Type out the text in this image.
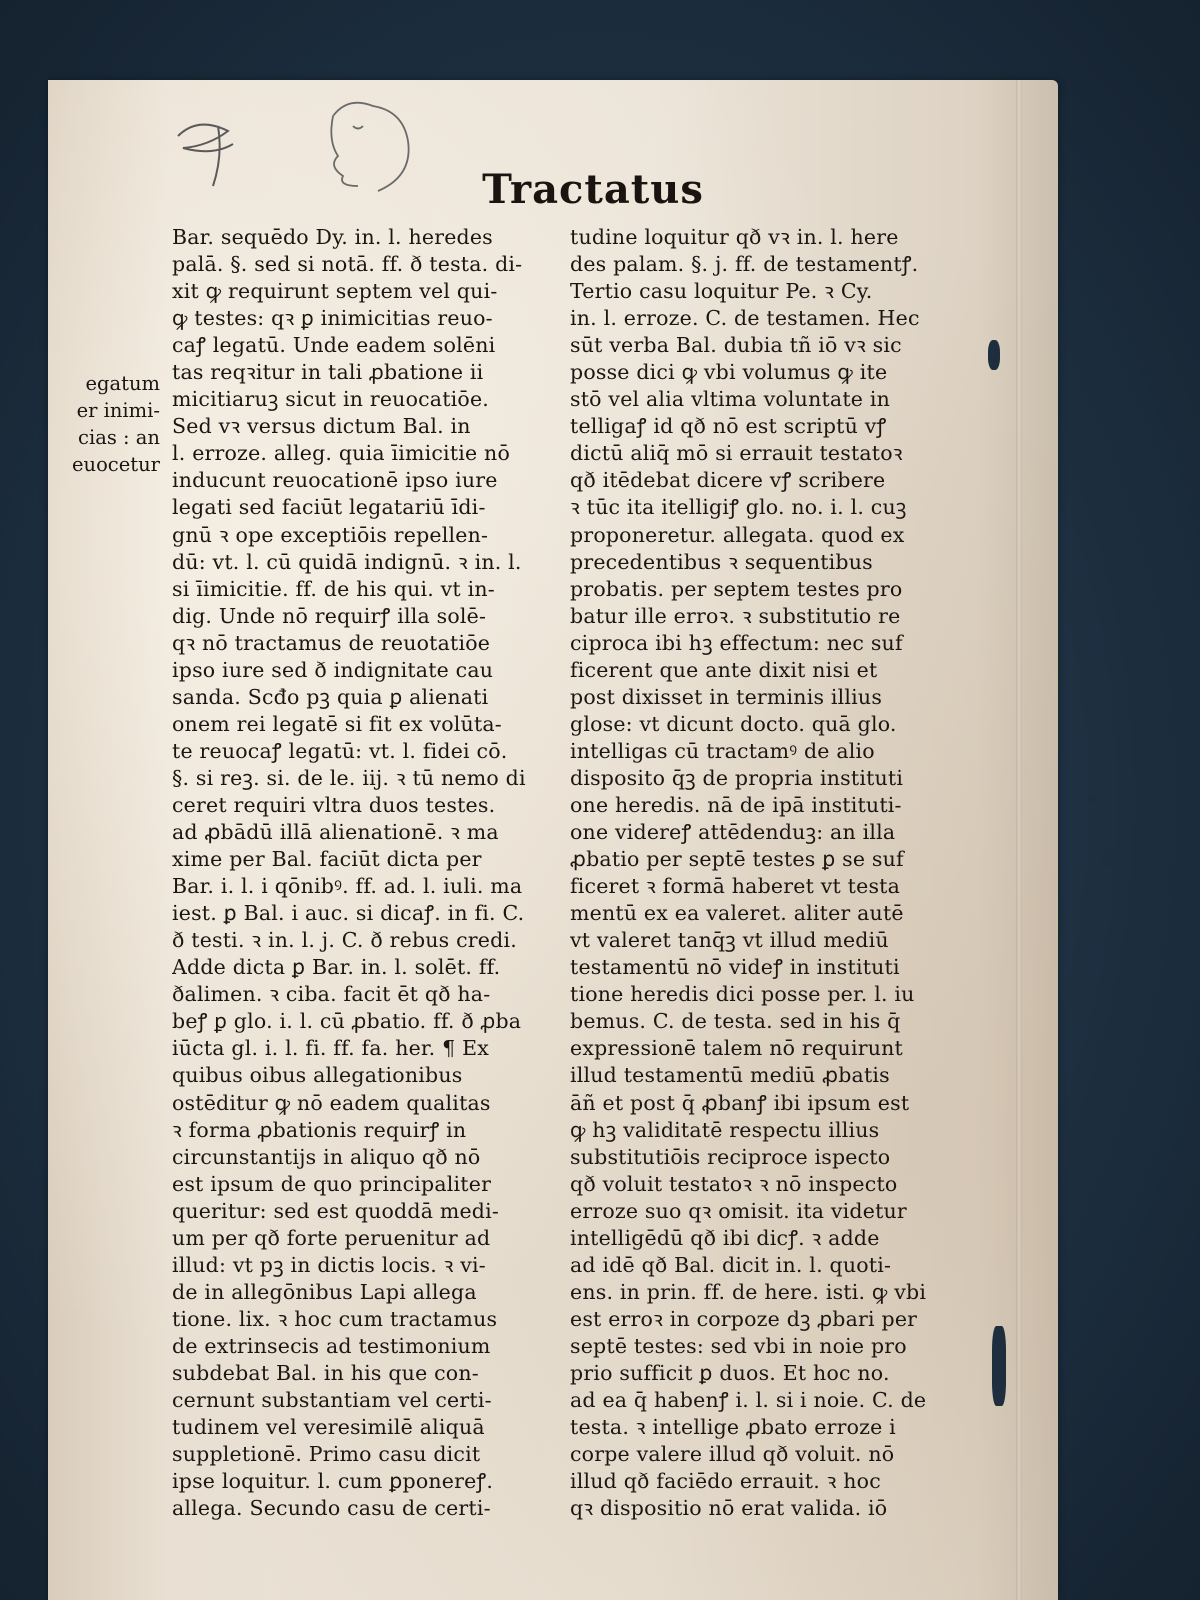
Tractatus
egatum
er inimi-
cias : an
euocetur
Bar. sequēdo Dy. in. l. heredes
palā. §. sed si notā. ff. ð testa. di-
xit ꝙ requirunt septem vel qui-
ꝙ testes: qꝛ ꝑ inimicitias reuo-
caꝭ legatū. Unde eadem solēni
tas reqꝛitur in tali ꝓbatione ii
micitiaruꝫ sicut in reuocatiōe.
Sed vꝛ versus dictum Bal. in
l. erroze. alleg. quia īimicitie nō
inducunt reuocationē ipso iure
legati sed faciūt legatariū īdi-
gnū ꝛ ope exceptiōis repellen-
dū: vt. l. cū quidā indignū. ꝛ in. l.
si īimicitie. ff. de his qui. vt in-
dig. Unde nō requirꝭ illa solē-
qꝛ nō tractamus de reuotatiōe
ipso iure sed ð indignitate cau
sanda. Scđo pꝫ quia ꝑ alienati
onem rei legatē si fit ex volūta-
te reuocaꝭ legatū: vt. l. fidei cō.
§. si reꝫ. si. de le. iij. ꝛ tū nemo di
ceret requiri vltra duos testes.
ad ꝓbādū illā alienationē. ꝛ ma
xime per Bal. faciūt dicta per
Bar. i. l. i qōnibꝰ. ff. ad. l. iuli. ma
iest. ꝑ Bal. i auc. si dicaꝭ. in fi. C.
ð testi. ꝛ in. l. j. C. ð rebus credi.
Adde dicta ꝑ Bar. in. l. solēt. ff.
ðalimen. ꝛ ciba. facit ēt qð ha-
beꝭ ꝑ glo. i. l. cū ꝓbatio. ff. ð ꝓba
iūcta gl. i. l. fi. ff. fa. her. ¶ Ex
quibus oibus allegationibus
ostēditur ꝙ nō eadem qualitas
ꝛ forma ꝓbationis requirꝭ in
circunstantijs in aliquo qð nō
est ipsum de quo principaliter
queritur: sed est quoddā medi-
um per qð forte peruenitur ad
illud: vt pꝫ in dictis locis. ꝛ vi-
de in allegōnibus Lapi allega
tione. lix. ꝛ hoc cum tractamus
de extrinsecis ad testimonium
subdebat Bal. in his que con-
cernunt substantiam vel certi-
tudinem vel veresimilē aliquā
suppletionē. Primo casu dicit
ipse loquitur. l. cum ꝑponereꝭ.
allega. Secundo casu de certi-
tudine loquitur qð vꝛ in. l. here
des palam. §. j. ff. de testamentꝭ.
Tertio casu loquitur Pe. ꝛ Cy.
in. l. erroze. C. de testamen. Hec
sūt verba Bal. dubia tñ iō vꝛ sic
posse dici ꝙ vbi volumus ꝙ ite
stō vel alia vltima voluntate in
telligaꝭ id qð nō est scriptū vꝭ
dictū aliq̄ mō si errauit testatoꝛ
qð itēdebat dicere vꝭ scribere
ꝛ tūc ita itelligiꝭ glo. no. i. l. cuꝫ
proponeretur. allegata. quod ex
precedentibus ꝛ sequentibus
probatis. per septem testes pro
batur ille erroꝛ. ꝛ substitutio re
ciproca ibi hꝫ effectum: nec suf
ficerent que ante dixit nisi et
post dixisset in terminis illius
glose: vt dicunt docto. quā glo.
intelligas cū tractamꝰ de alio
disposito q̄ꝫ de propria instituti
one heredis. nā de ipā instituti-
one videreꝭ attēdenduꝫ: an illa
ꝓbatio per septē testes ꝑ se suf
ficeret ꝛ formā haberet vt testa
mentū ex ea valeret. aliter autē
vt valeret tanq̄ꝫ vt illud mediū
testamentū nō videꝭ in instituti
tione heredis dici posse per. l. iu
bemus. C. de testa. sed in his q̄
expressionē talem nō requirunt
illud testamentū mediū ꝓbatis
āñ et post q̄ ꝓbanꝭ ibi ipsum est
ꝙ hꝫ validitatē respectu illius
substitutiōis reciproce ispecto
qð voluit testatoꝛ ꝛ nō inspecto
erroze suo qꝛ omisit. ita videtur
intelligēdū qð ibi dicꝭ. ꝛ adde
ad idē qð Bal. dicit in. l. quoti-
ens. in prin. ff. de here. isti. ꝙ vbi
est erroꝛ in corpoze dꝫ ꝓbari per
septē testes: sed vbi in noie pro
prio sufficit ꝑ duos. Et hoc no.
ad ea q̄ habenꝭ i. l. si i noie. C. de
testa. ꝛ intellige ꝓbato erroze i
corpe valere illud qð voluit. nō
illud qð faciēdo errauit. ꝛ hoc
qꝛ dispositio nō erat valida. iō
